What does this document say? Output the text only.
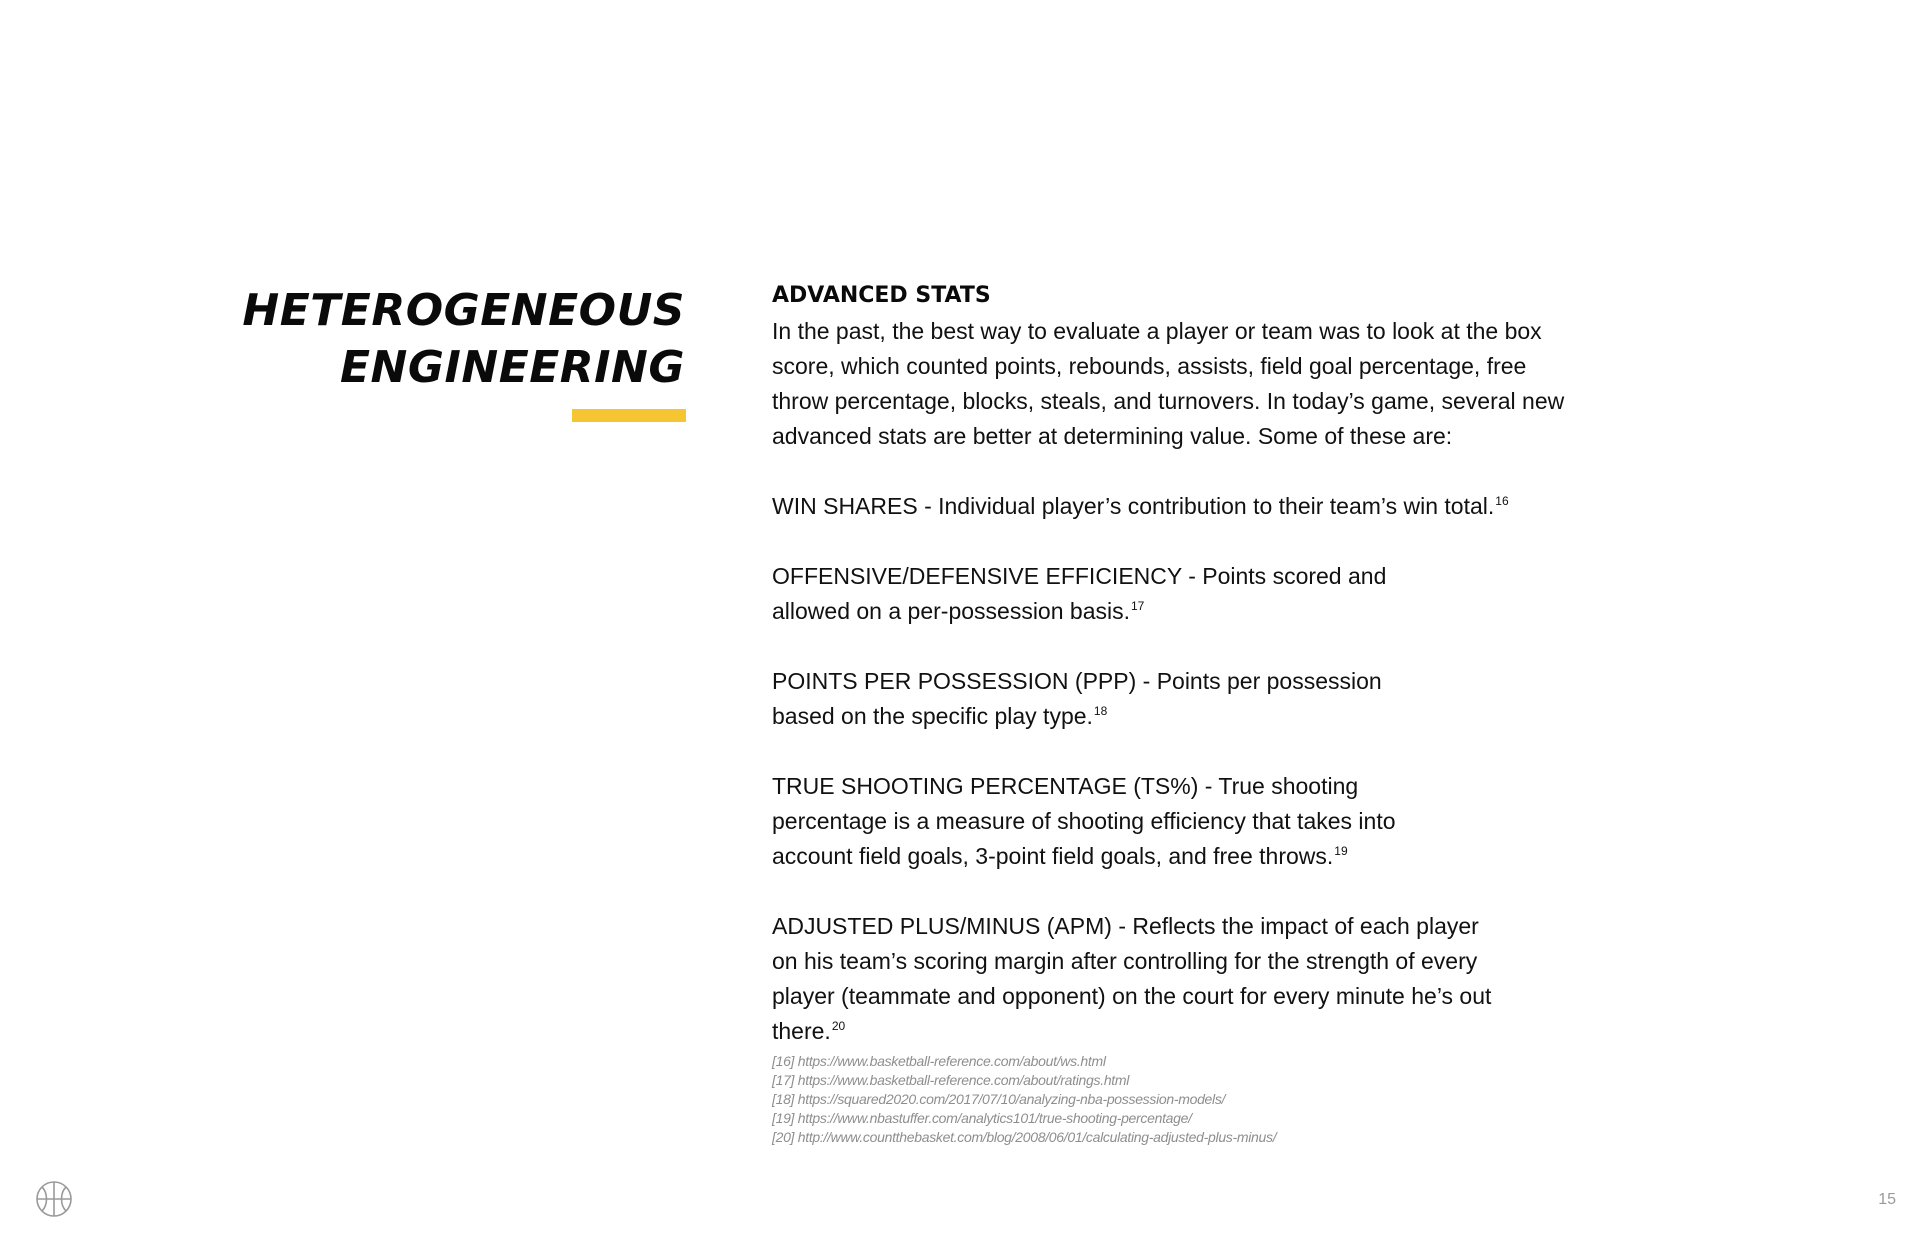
HETEROGENEOUS
ENGINEERING
ADVANCED STATS

In the past, the best way to evaluate a player or team was to look at the box score, which counted points, rebounds, assists, field goal percentage, free throw percentage, blocks, steals, and turnovers. In today’s game, several new advanced stats are better at determining value. Some of these are:

WIN SHARES - Individual player’s contribution to their team’s win total.$^{16}$

OFFENSIVE/DEFENSIVE EFFICIENCY - Points scored and allowed on a per-possession basis.$^{17}$

POINTS PER POSSESSION (PPP) - Points per possession based on the specific play type.$^{18}$

TRUE SHOOTING PERCENTAGE (TS%) - True shooting percentage is a measure of shooting efficiency that takes into account field goals, 3-point field goals, and free throws.$^{19}$

ADJUSTED PLUS/MINUS (APM) - Reflects the impact of each player on his team’s scoring margin after controlling for the strength of every player (teammate and opponent) on the court for every minute he’s out there.$^{20}$

[16] https://www.basketball-reference.com/about/ws.html
[17] https://www.basketball-reference.com/about/ratings.html
[18] https://squared2020.com/2017/07/10/analyzing-nba-possession-models/
[19] https://www.nbastuffer.com/analytics101/true-shooting-percentage/
[20] http://www.countthebasket.com/blog/2008/06/01/calculating-adjusted-plus-minus/
15
